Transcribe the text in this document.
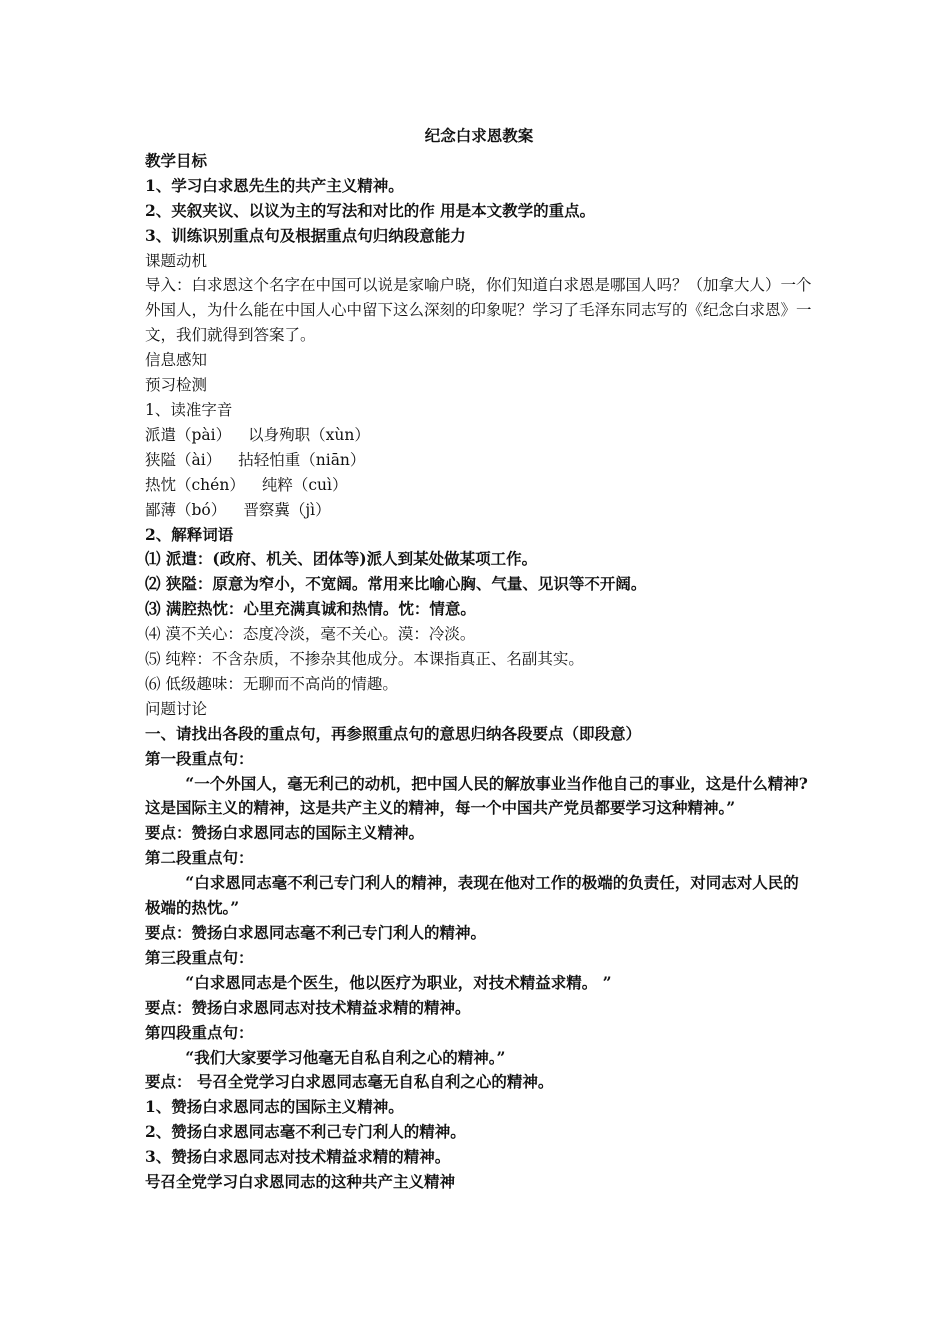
纪念白求恩教案
教学目标
1、学习白求恩先生的共产主义精神。
2、夹叙夹议、以议为主的写法和对比的作 用是本文教学的重点。
3、训练识别重点句及根据重点句归纳段意能力
课题动机
导入：白求恩这个名字在中国可以说是家喻户晓，你们知道白求恩是哪国人吗？（加拿大人）一个外国人，为什么能在中国人心中留下这么深刻的印象呢？学习了毛泽东同志写的《纪念白求恩》一文，我们就得到答案了。
信息感知
预习检测
1、读准字音
派遣（pài） 以身殉职（xùn）
狭隘（ài） 拈轻怕重（niān）
热忱（chén） 纯粹（cuì）
鄙薄（bó） 晋察冀（jì）
2、解释词语
⑴ 派遣：(政府、机关、团体等)派人到某处做某项工作。
⑵ 狭隘：原意为窄小，不宽阔。常用来比喻心胸、气量、见识等不开阔。
⑶ 满腔热忱：心里充满真诚和热情。忱：情意。
⑷ 漠不关心：态度冷淡，毫不关心。漠：冷淡。
⑸ 纯粹：不含杂质，不掺杂其他成分。本课指真正、名副其实。
⑹ 低级趣味：无聊而不高尚的情趣。
问题讨论
一、请找出各段的重点句，再参照重点句的意思归纳各段要点（即段意）
第一段重点句：
“一个外国人，毫无利己的动机，把中国人民的解放事业当作他自己的事业，这是什么精神?这是国际主义的精神，这是共产主义的精神，每一个中国共产党员都要学习这种精神。”
要点：赞扬白求恩同志的国际主义精神。
第二段重点句：
“白求恩同志毫不利己专门利人的精神，表现在他对工作的极端的负责任，对同志对人民的极端的热忱。”
要点：赞扬白求恩同志毫不利己专门利人的精神。
第三段重点句：
“白求恩同志是个医生，他以医疗为职业，对技术精益求精。 ”
要点：赞扬白求恩同志对技术精益求精的精神。
第四段重点句：
“我们大家要学习他毫无自私自利之心的精神。”
要点： 号召全党学习白求恩同志毫无自私自利之心的精神。
1、赞扬白求恩同志的国际主义精神。
2、赞扬白求恩同志毫不利己专门利人的精神。
3、赞扬白求恩同志对技术精益求精的精神。
号召全党学习白求恩同志的这种共产主义精神
